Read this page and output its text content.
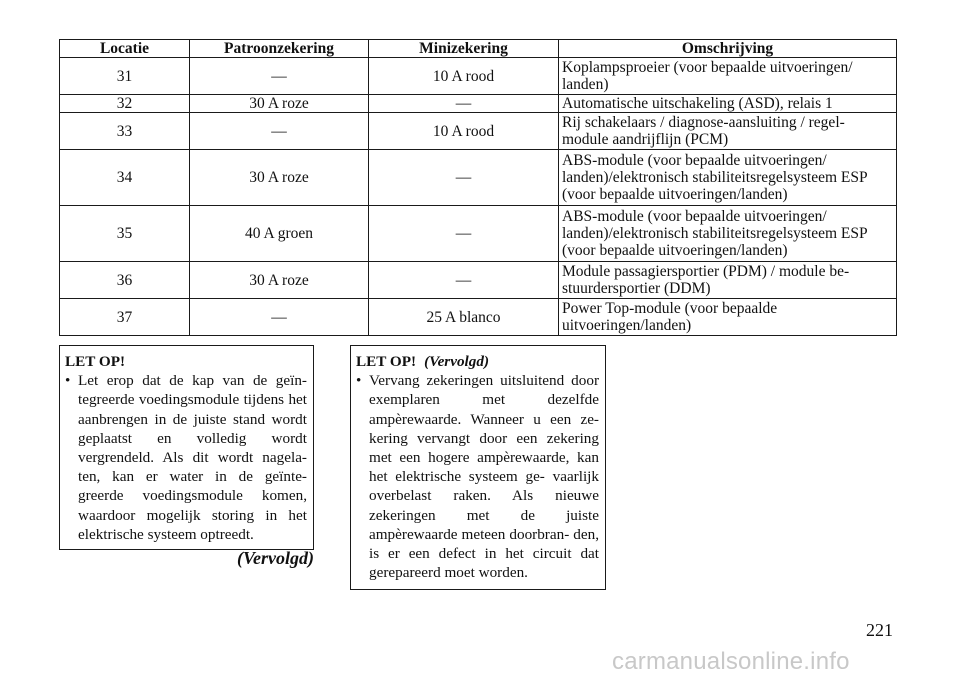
Locatie	Patroonzekering	Minizekering	Omschrijving
31	—	10 A rood	Koplampsproeier (voor bepaalde uitvoeringen/ landen)
32	30 A roze	—	Automatische uitschakeling (ASD), relais 1
33	—	10 A rood	Rij schakelaars / diagnose-aansluiting / regel- module aandrijflijn (PCM)
34	30 A roze	—	ABS-module (voor bepaalde uitvoeringen/ landen)/elektronisch stabiliteitsregelsysteem ESP (voor bepaalde uitvoeringen/landen)
35	40 A groen	—	ABS-module (voor bepaalde uitvoeringen/ landen)/elektronisch stabiliteitsregelsysteem ESP (voor bepaalde uitvoeringen/landen)
36	30 A roze	—	Module passagiersportier (PDM) / module be- stuurdersportier (DDM)
37	—	25 A blanco	Power Top-module (voor bepaalde uitvoeringen/landen)
LET OP!
• Let erop dat de kap van de geïn- tegreerde voedingsmodule tijdens het aanbrengen in de juiste stand wordt geplaatst en volledig wordt vergrendeld. Als dit wordt nagela- ten, kan er water in de geïnte- greerde voedingsmodule komen, waardoor mogelijk storing in het elektrische systeem optreedt.
(Vervolgd)
LET OP! (Vervolgd)
• Vervang zekeringen uitsluitend door exemplaren met dezelfde ampèrewaarde. Wanneer u een ze- kering vervangt door een zekering met een hogere ampèrewaarde, kan het elektrische systeem ge- vaarlijk overbelast raken. Als nieuwe zekeringen met de juiste ampèrewaarde meteen doorbran- den, is er een defect in het circuit dat gerepareerd moet worden.
221
carmanualsonline.info
